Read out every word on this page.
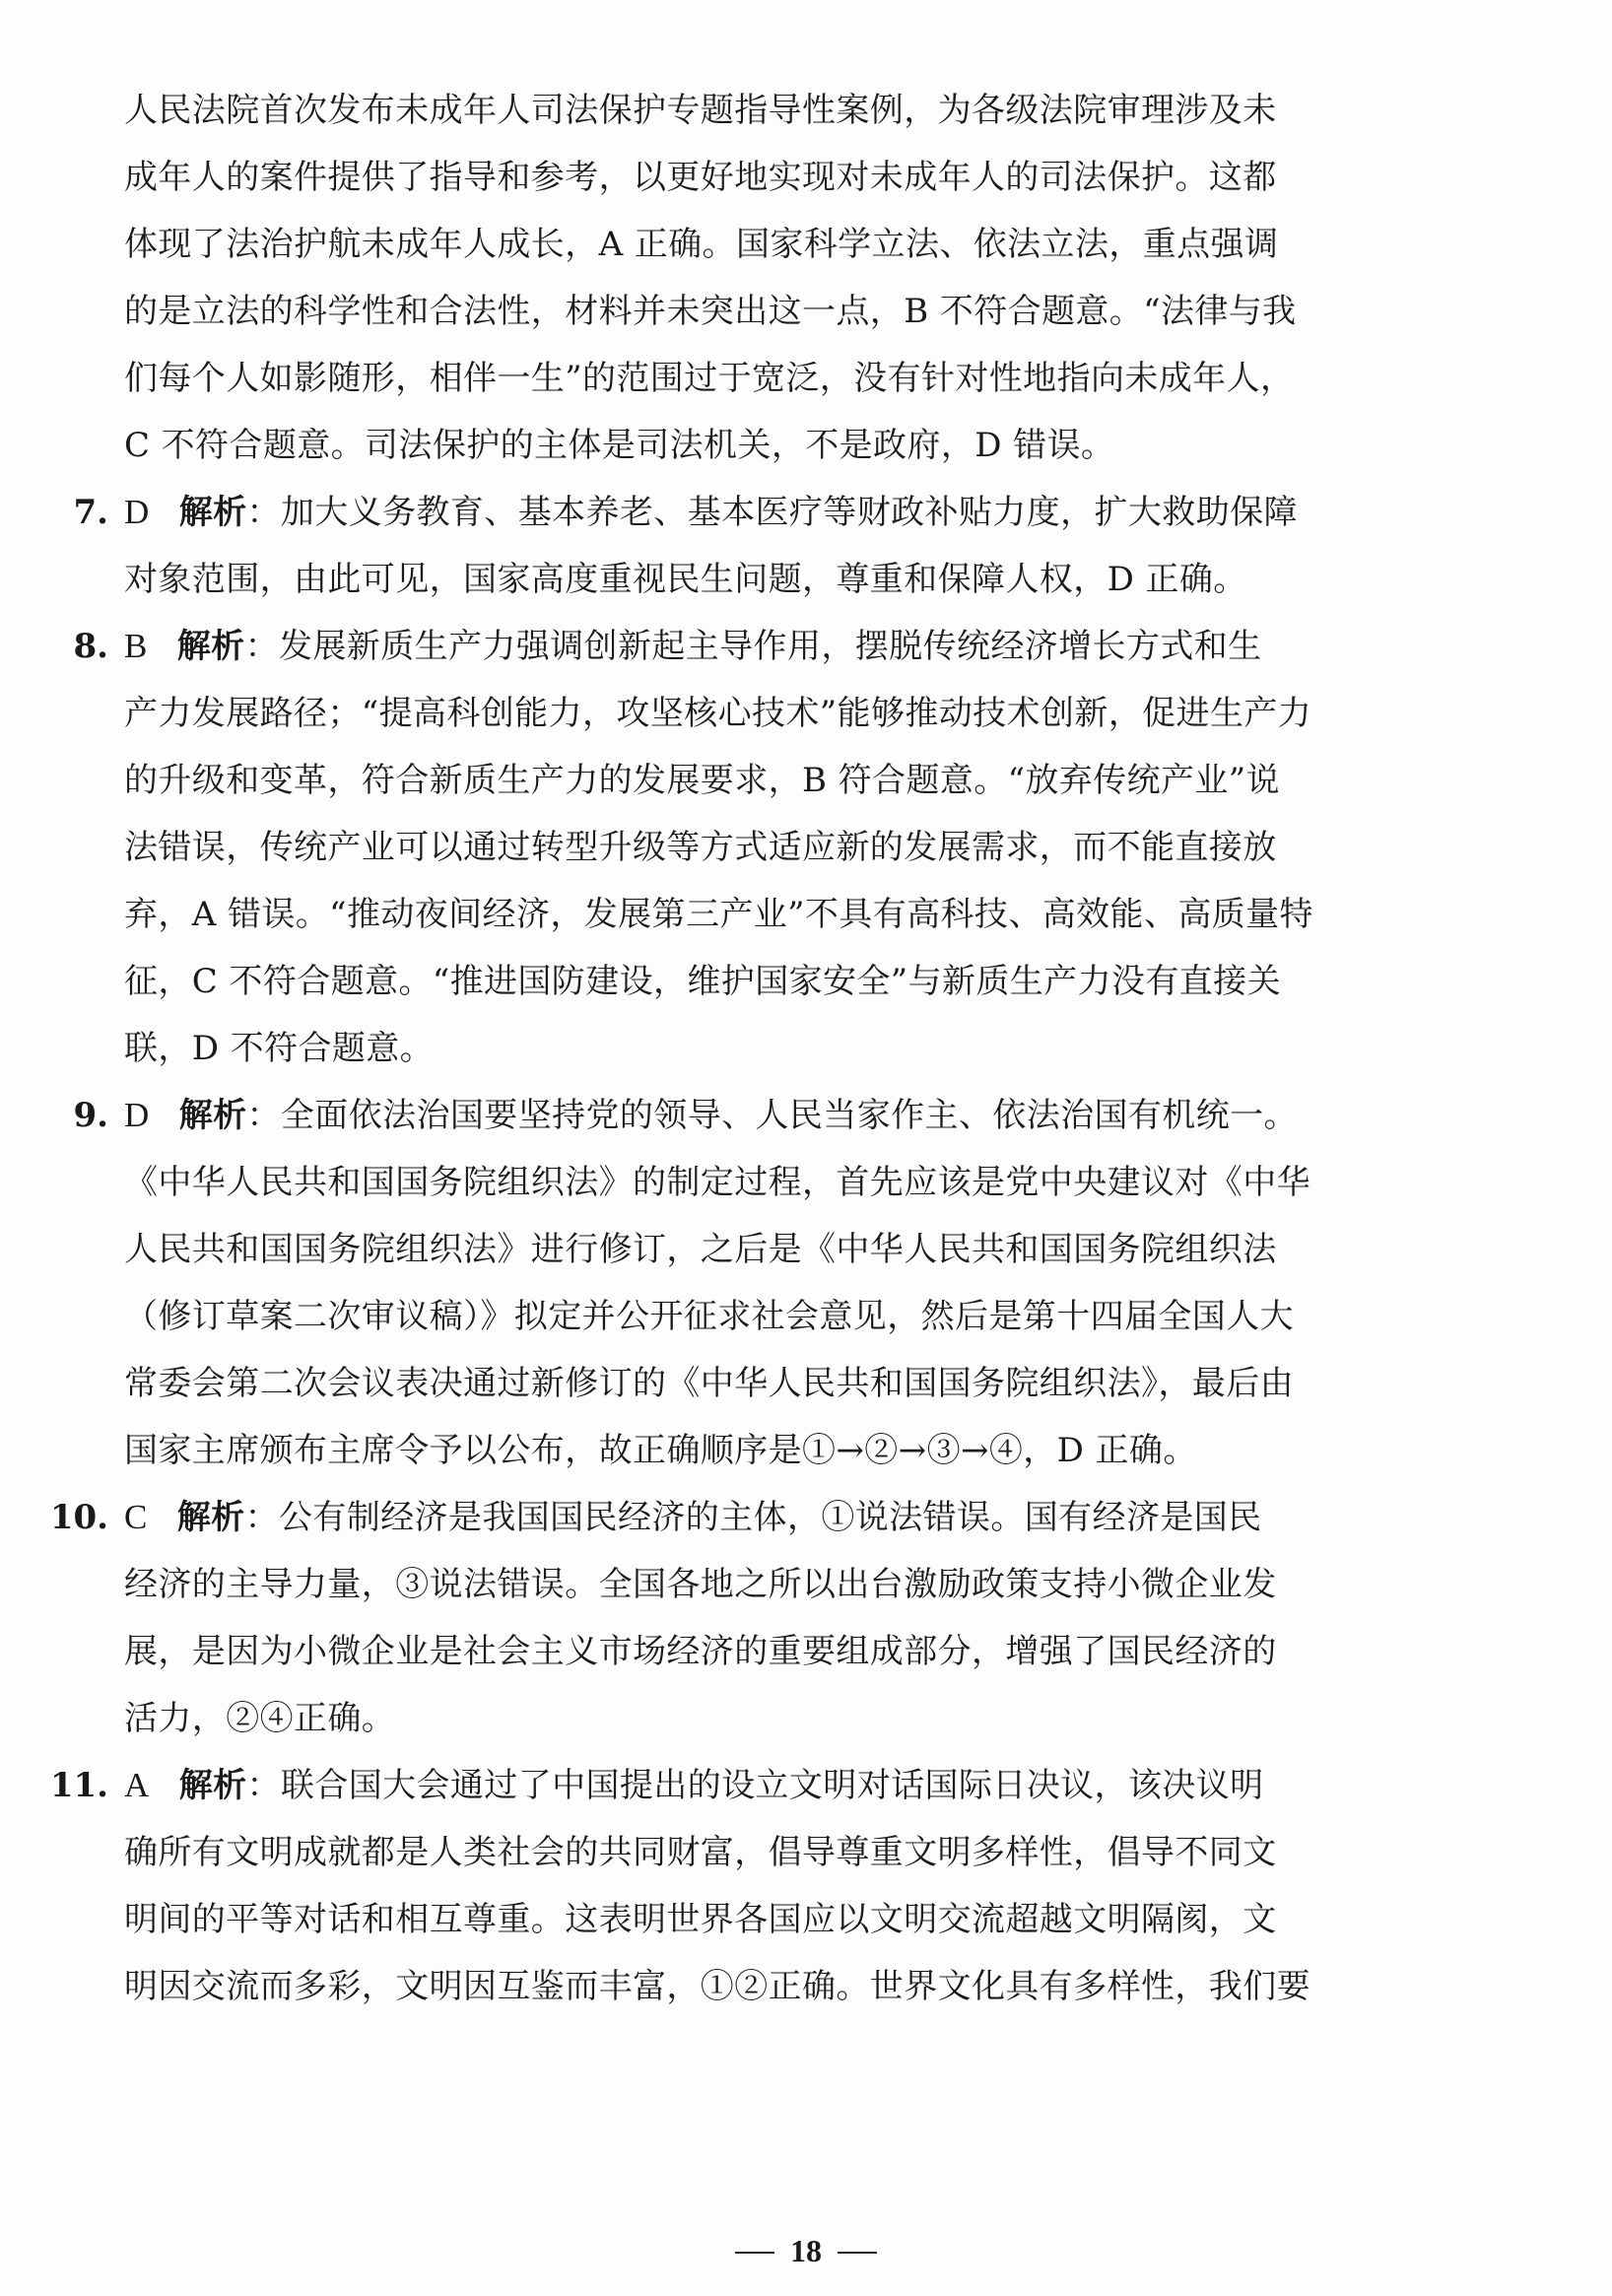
人民法院首次发布未成年人司法保护专题指导性案例，为各级法院审理涉及未
成年人的案件提供了指导和参考，以更好地实现对未成年人的司法保护。这都
体现了法治护航未成年人成长，A 正确。国家科学立法、依法立法，重点强调
的是立法的科学性和合法性，材料并未突出这一点，B 不符合题意。“法律与我
们每个人如影随形，相伴一生”的范围过于宽泛，没有针对性地指向未成年人，
C 不符合题意。司法保护的主体是司法机关，不是政府，D 错误。
7. D 解析：加大义务教育、基本养老、基本医疗等财政补贴力度，扩大救助保障
对象范围，由此可见，国家高度重视民生问题，尊重和保障人权，D 正确。
8. B 解析：发展新质生产力强调创新起主导作用，摆脱传统经济增长方式和生
产力发展路径；“提高科创能力，攻坚核心技术”能够推动技术创新，促进生产力
的升级和变革，符合新质生产力的发展要求，B 符合题意。“放弃传统产业”说
法错误，传统产业可以通过转型升级等方式适应新的发展需求，而不能直接放
弃，A 错误。“推动夜间经济，发展第三产业”不具有高科技、高效能、高质量特
征，C 不符合题意。“推进国防建设，维护国家安全”与新质生产力没有直接关
联，D 不符合题意。
9. D 解析：全面依法治国要坚持党的领导、人民当家作主、依法治国有机统一。
《中华人民共和国国务院组织法》的制定过程，首先应该是党中央建议对《中华
人民共和国国务院组织法》进行修订，之后是《中华人民共和国国务院组织法
（修订草案二次审议稿）》拟定并公开征求社会意见，然后是第十四届全国人大
常委会第二次会议表决通过新修订的《中华人民共和国国务院组织法》，最后由
国家主席颁布主席令予以公布，故正确顺序是①→②→③→④，D 正确。
10. C 解析：公有制经济是我国国民经济的主体，①说法错误。国有经济是国民
经济的主导力量，③说法错误。全国各地之所以出台激励政策支持小微企业发
展，是因为小微企业是社会主义市场经济的重要组成部分，增强了国民经济的
活力，②④正确。
11. A 解析：联合国大会通过了中国提出的设立文明对话国际日决议，该决议明
确所有文明成就都是人类社会的共同财富，倡导尊重文明多样性，倡导不同文
明间的平等对话和相互尊重。这表明世界各国应以文明交流超越文明隔阂，文
明因交流而多彩，文明因互鉴而丰富，①②正确。世界文化具有多样性，我们要
18
